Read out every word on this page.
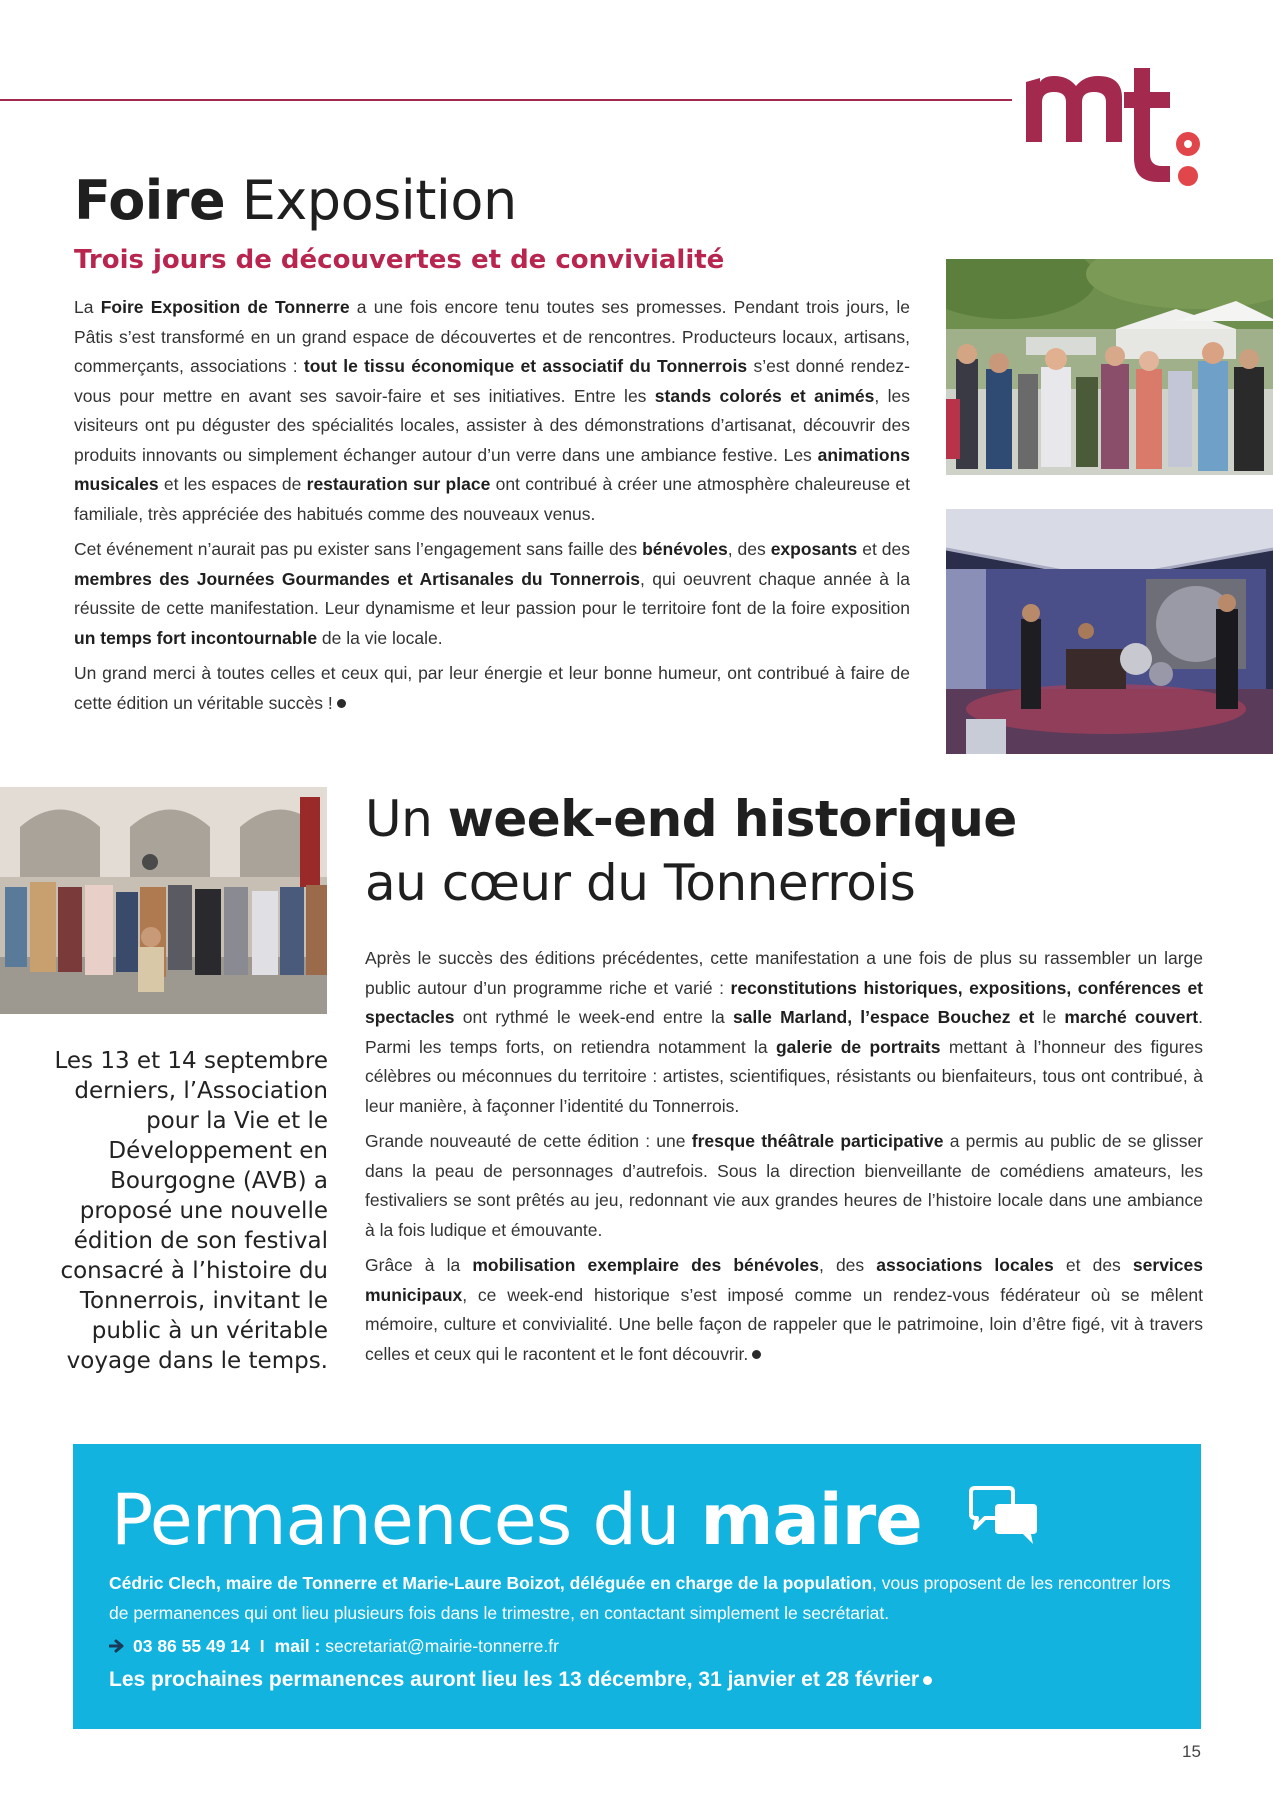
Foire Exposition
Trois jours de découvertes et de convivialité

La Foire Exposition de Tonnerre a une fois encore tenu toutes ses promesses. Pendant trois jours, le Pâtis s’est transformé en un grand espace de découvertes et de rencontres. Producteurs locaux, artisans, commerçants, associations : tout le tissu économique et associatif du Tonnerrois s’est donné rendez-vous pour mettre en avant ses savoir-faire et ses initiatives. Entre les stands colorés et animés, les visiteurs ont pu déguster des spécialités locales, assister à des démonstrations d’artisanat, découvrir des produits innovants ou simplement échanger autour d’un verre dans une ambiance festive. Les animations musicales et les espaces de restauration sur place ont contribué à créer une atmosphère chaleureuse et familiale, très appréciée des habitués comme des nouveaux venus.

Cet événement n’aurait pas pu exister sans l’engagement sans faille des bénévoles, des exposants et des membres des Journées Gourmandes et Artisanales du Tonnerrois, qui oeuvrent chaque année à la réussite de cette manifestation. Leur dynamisme et leur passion pour le territoire font de la foire exposition un temps fort incontournable de la vie locale.

Un grand merci à toutes celles et ceux qui, par leur énergie et leur bonne humeur, ont contribué à faire de cette édition un véritable succès !

Un week-end historique
au cœur du Tonnerrois
Les 13 et 14 septembre derniers, l’Association pour la Vie et le Développement en Bourgogne (AVB) a proposé une nouvelle édition de son festival consacré à l’histoire du Tonnerrois, invitant le public à un véritable voyage dans le temps.

Après le succès des éditions précédentes, cette manifestation a une fois de plus su rassembler un large public autour d’un programme riche et varié : reconstitutions historiques, expositions, conférences et spectacles ont rythmé le week-end entre la salle Marland, l’espace Bouchez et le marché couvert. Parmi les temps forts, on retiendra notamment la galerie de portraits mettant à l’honneur des figures célèbres ou méconnues du territoire : artistes, scientifiques, résistants ou bienfaiteurs, tous ont contribué, à leur manière, à façonner l’identité du Tonnerrois.

Grande nouveauté de cette édition : une fresque théâtrale participative a permis au public de se glisser dans la peau de personnages d’autrefois. Sous la direction bienveillante de comédiens amateurs, les festivaliers se sont prêtés au jeu, redonnant vie aux grandes heures de l’histoire locale dans une ambiance à la fois ludique et émouvante.

Grâce à la mobilisation exemplaire des bénévoles, des associations locales et des services municipaux, ce week-end historique s’est imposé comme un rendez-vous fédérateur où se mêlent mémoire, culture et convivialité. Une belle façon de rappeler que le patrimoine, loin d’être figé, vit à travers celles et ceux qui le racontent et le font découvrir.

Permanences du maire
Cédric Clech, maire de Tonnerre et Marie-Laure Boizot, déléguée en charge de la population, vous proposent de les rencontrer lors de permanences qui ont lieu plusieurs fois dans le trimestre, en contactant simplement le secrétariat.
03 86 55 49 14 I mail : secretariat@mairie-tonnerre.fr
Les prochaines permanences auront lieu les 13 décembre, 31 janvier et 28 février
15
